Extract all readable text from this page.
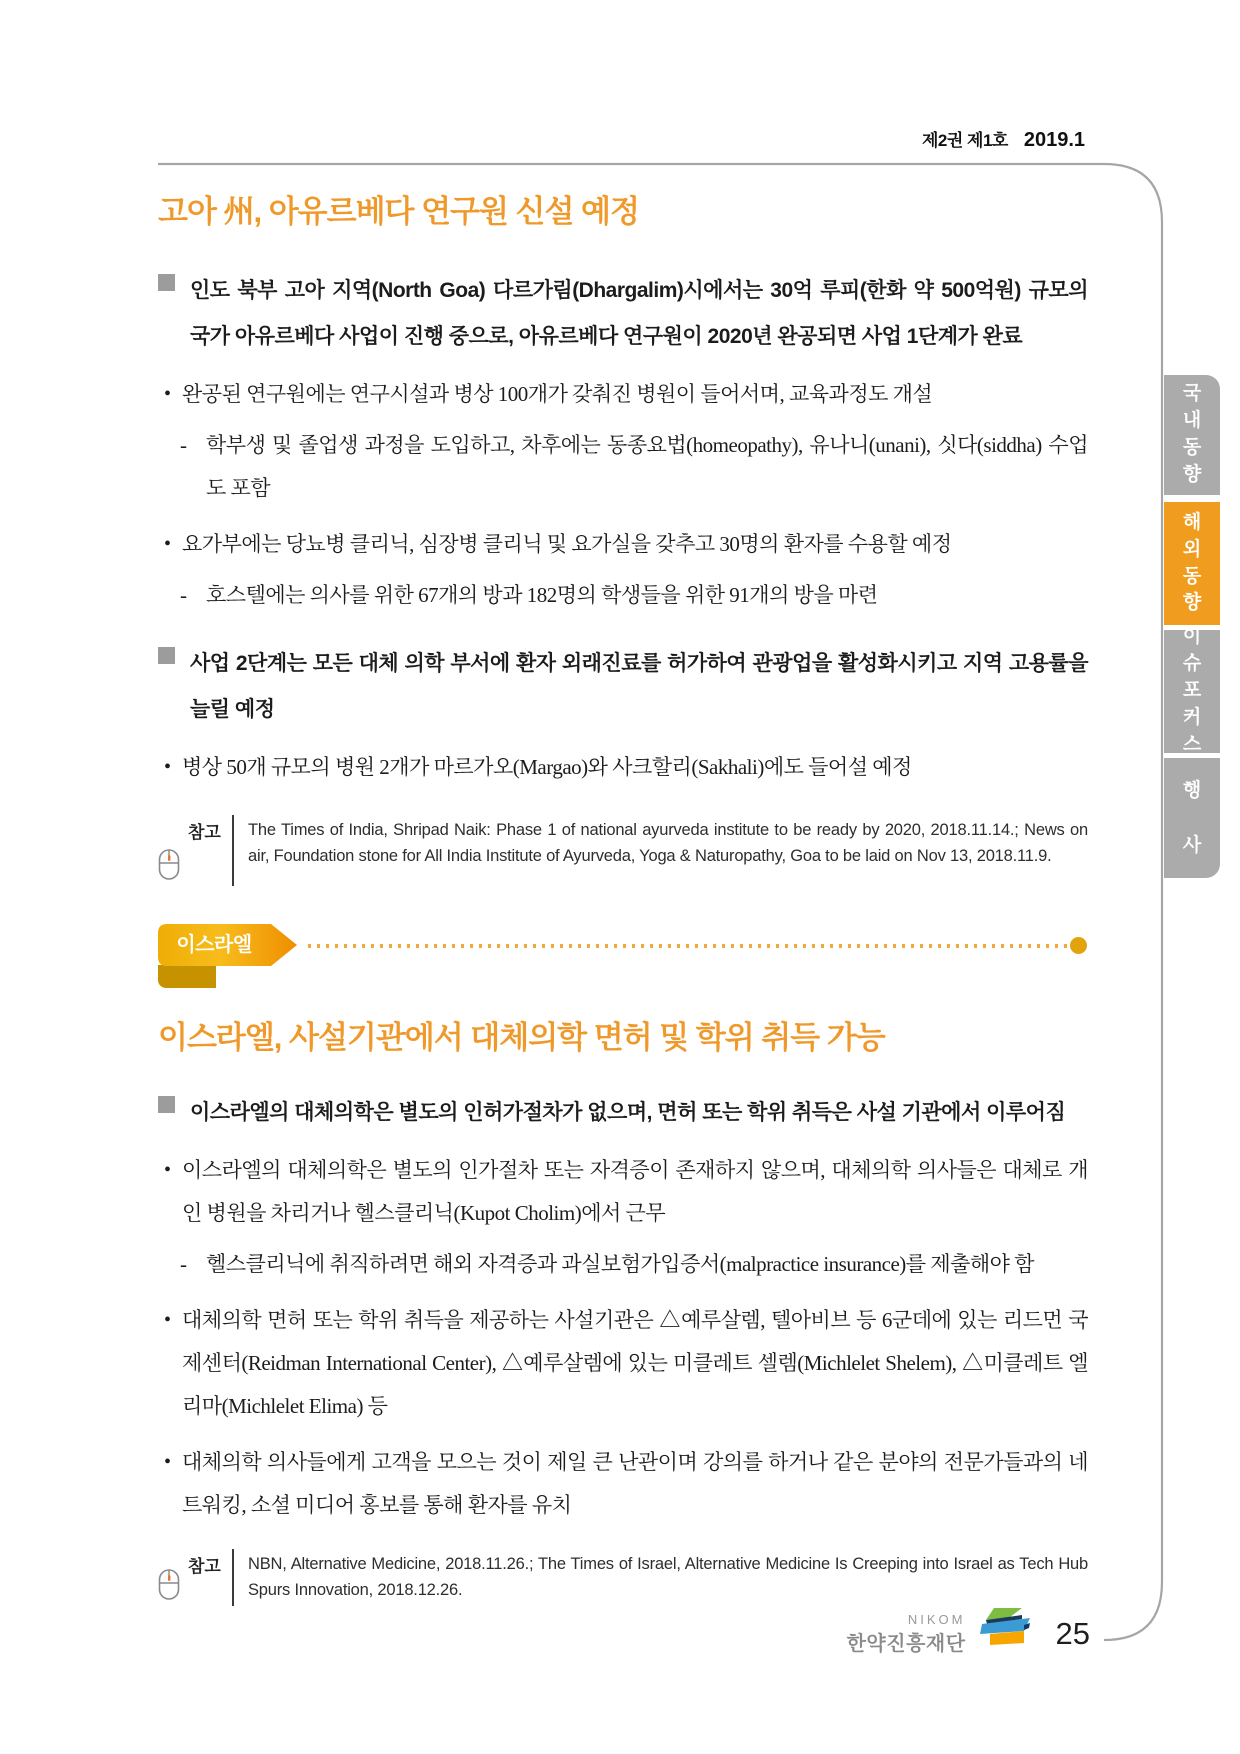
제2권 제1호 2019.1
국내동향
해외동향
이슈포커스
행사
고아 州, 아유르베다 연구원 신설 예정
인도 북부 고아 지역(North Goa) 다르가림(Dhargalim)시에서는 30억 루피(한화 약 500억원) 규모의 국가 아유르베다 사업이 진행 중으로, 아유르베다 연구원이 2020년 완공되면 사업 1단계가 완료
• 완공된 연구원에는 연구시설과 병상 100개가 갖춰진 병원이 들어서며, 교육과정도 개설
- 학부생 및 졸업생 과정을 도입하고, 차후에는 동종요법(homeopathy), 유나니(unani), 싯다(siddha) 수업도 포함
• 요가부에는 당뇨병 클리닉, 심장병 클리닉 및 요가실을 갖추고 30명의 환자를 수용할 예정
- 호스텔에는 의사를 위한 67개의 방과 182명의 학생들을 위한 91개의 방을 마련
사업 2단계는 모든 대체 의학 부서에 환자 외래진료를 허가하여 관광업을 활성화시키고 지역 고용률을 늘릴 예정
• 병상 50개 규모의 병원 2개가 마르가오(Margao)와 사크할리(Sakhali)에도 들어설 예정
참고	The Times of India, Shripad Naik: Phase 1 of national ayurveda institute to be ready by 2020, 2018.11.14.; News on air, Foundation stone for All India Institute of Ayurveda, Yoga & Naturopathy, Goa to be laid on Nov 13, 2018.11.9.
이스라엘
이스라엘, 사설기관에서 대체의학 면허 및 학위 취득 가능
이스라엘의 대체의학은 별도의 인허가절차가 없으며, 면허 또는 학위 취득은 사설 기관에서 이루어짐
• 이스라엘의 대체의학은 별도의 인가절차 또는 자격증이 존재하지 않으며, 대체의학 의사들은 대체로 개인 병원을 차리거나 헬스클리닉(Kupot Cholim)에서 근무
- 헬스클리닉에 취직하려면 해외 자격증과 과실보험가입증서(malpractice insurance)를 제출해야 함
• 대체의학 면허 또는 학위 취득을 제공하는 사설기관은 △예루살렘, 텔아비브 등 6군데에 있는 리드먼 국제센터(Reidman International Center), △예루살렘에 있는 미클레트 셀렘(Michlelet Shelem), △미클레트 엘리마(Michlelet Elima) 등
• 대체의학 의사들에게 고객을 모으는 것이 제일 큰 난관이며 강의를 하거나 같은 분야의 전문가들과의 네트워킹, 소셜 미디어 홍보를 통해 환자를 유치
참고	NBN, Alternative Medicine, 2018.11.26.; The Times of Israel, Alternative Medicine Is Creeping into Israel as Tech Hub Spurs Innovation, 2018.12.26.
NIKOM
한약진흥재단	25
